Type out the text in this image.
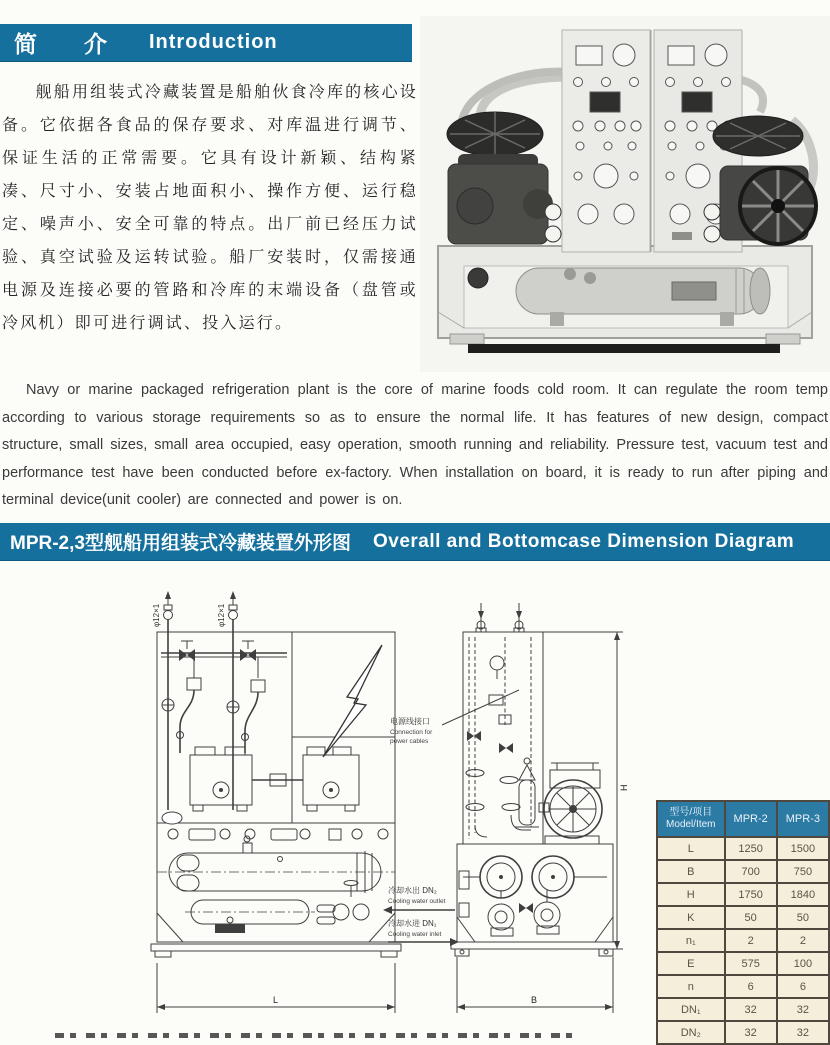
简　介 Introduction
舰船用组装式冷藏装置是船舶伙食冷库的核心设备。它依据各食品的保存要求、对库温进行调节、保证生活的正常需要。它具有设计新颖、结构紧凑、尺寸小、安装占地面积小、操作方便、运行稳定、噪声小、安全可靠的特点。出厂前已经压力试验、真空试验及运转试验。船厂安装时，仅需接通电源及连接必要的管路和冷库的末端设备（盘管或冷风机）即可进行调试、投入运行。
Navy or marine packaged refrigeration plant is the core of marine foods cold room. It can regulate the room temp according to various storage requirements so as to ensure the normal life. It has features of new design, compact structure, small sizes, small area occupied, easy operation, smooth running and reliability. Pressure test, vacuum test and performance test have been conducted before ex-factory. When installation on board, it is ready to run after piping and terminal device(unit cooler) are connected and power is on.
MPR-2,3型舰船用组装式冷藏装置外形图 Overall and Bottomcase Dimension Diagram
φ12×1	φ12×1
L
电源线接口
Connection for
power cables
冷却水出 DN₂
Cooling water outlet
冷却水进 DN₁
Cooling water inlet
H
B
型号/项目
Model/Item	MPR-2	MPR-3
L	1250	1500
B	700	750
H	1750	1840
K	50	50
n₁	2	2
E	575	100
n	6	6
DN₁	32	32
DN₂	32	32
